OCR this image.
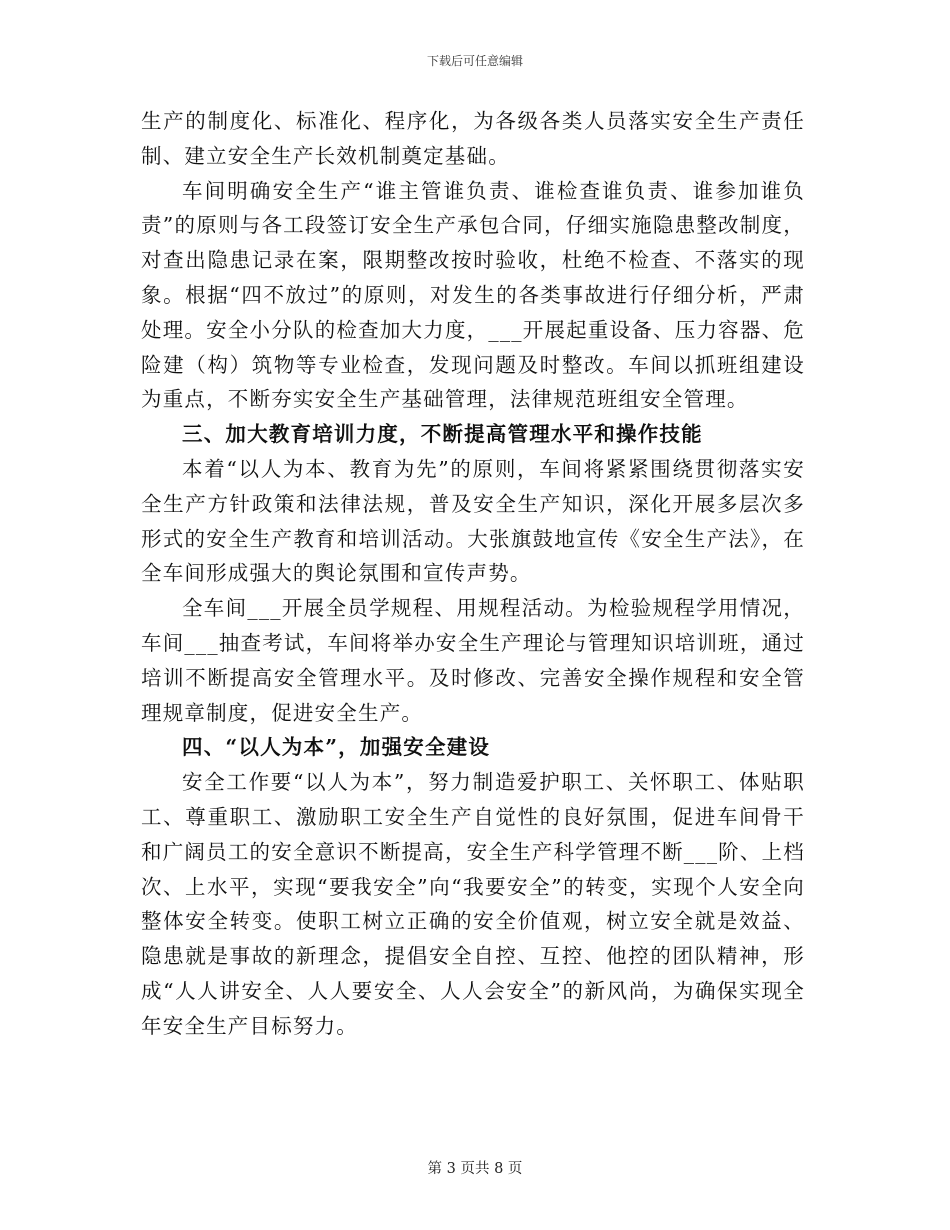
下载后可任意编辑

生产的制度化、标准化、程序化，为各级各类人员落实安全生产责任制、建立安全生产长效机制奠定基础。

车间明确安全生产“谁主管谁负责、谁检查谁负责、谁参加谁负责”的原则与各工段签订安全生产承包合同，仔细实施隐患整改制度，对查出隐患记录在案，限期整改按时验收，杜绝不检查、不落实的现象。根据“四不放过”的原则，对发生的各类事故进行仔细分析，严肃处理。安全小分队的检查加大力度，___开展起重设备、压力容器、危险建（构）筑物等专业检查，发现问题及时整改。车间以抓班组建设为重点，不断夯实安全生产基础管理，法律规范班组安全管理。

三、加大教育培训力度，不断提高管理水平和操作技能

本着“以人为本、教育为先”的原则，车间将紧紧围绕贯彻落实安全生产方针政策和法律法规，普及安全生产知识，深化开展多层次多形式的安全生产教育和培训活动。大张旗鼓地宣传《安全生产法》，在全车间形成强大的舆论氛围和宣传声势。

全车间___开展全员学规程、用规程活动。为检验规程学用情况，车间___抽查考试，车间将举办安全生产理论与管理知识培训班，通过培训不断提高安全管理水平。及时修改、完善安全操作规程和安全管理规章制度，促进安全生产。

四、“以人为本”，加强安全建设

安全工作要“以人为本”，努力制造爱护职工、关怀职工、体贴职工、尊重职工、激励职工安全生产自觉性的良好氛围，促进车间骨干和广阔员工的安全意识不断提高，安全生产科学管理不断___阶、上档次、上水平，实现“要我安全”向“我要安全”的转变，实现个人安全向整体安全转变。使职工树立正确的安全价值观，树立安全就是效益、隐患就是事故的新理念，提倡安全自控、互控、他控的团队精神，形成“人人讲安全、人人要安全、人人会安全”的新风尚，为确保实现全年安全生产目标努力。

第 3 页共 8 页
